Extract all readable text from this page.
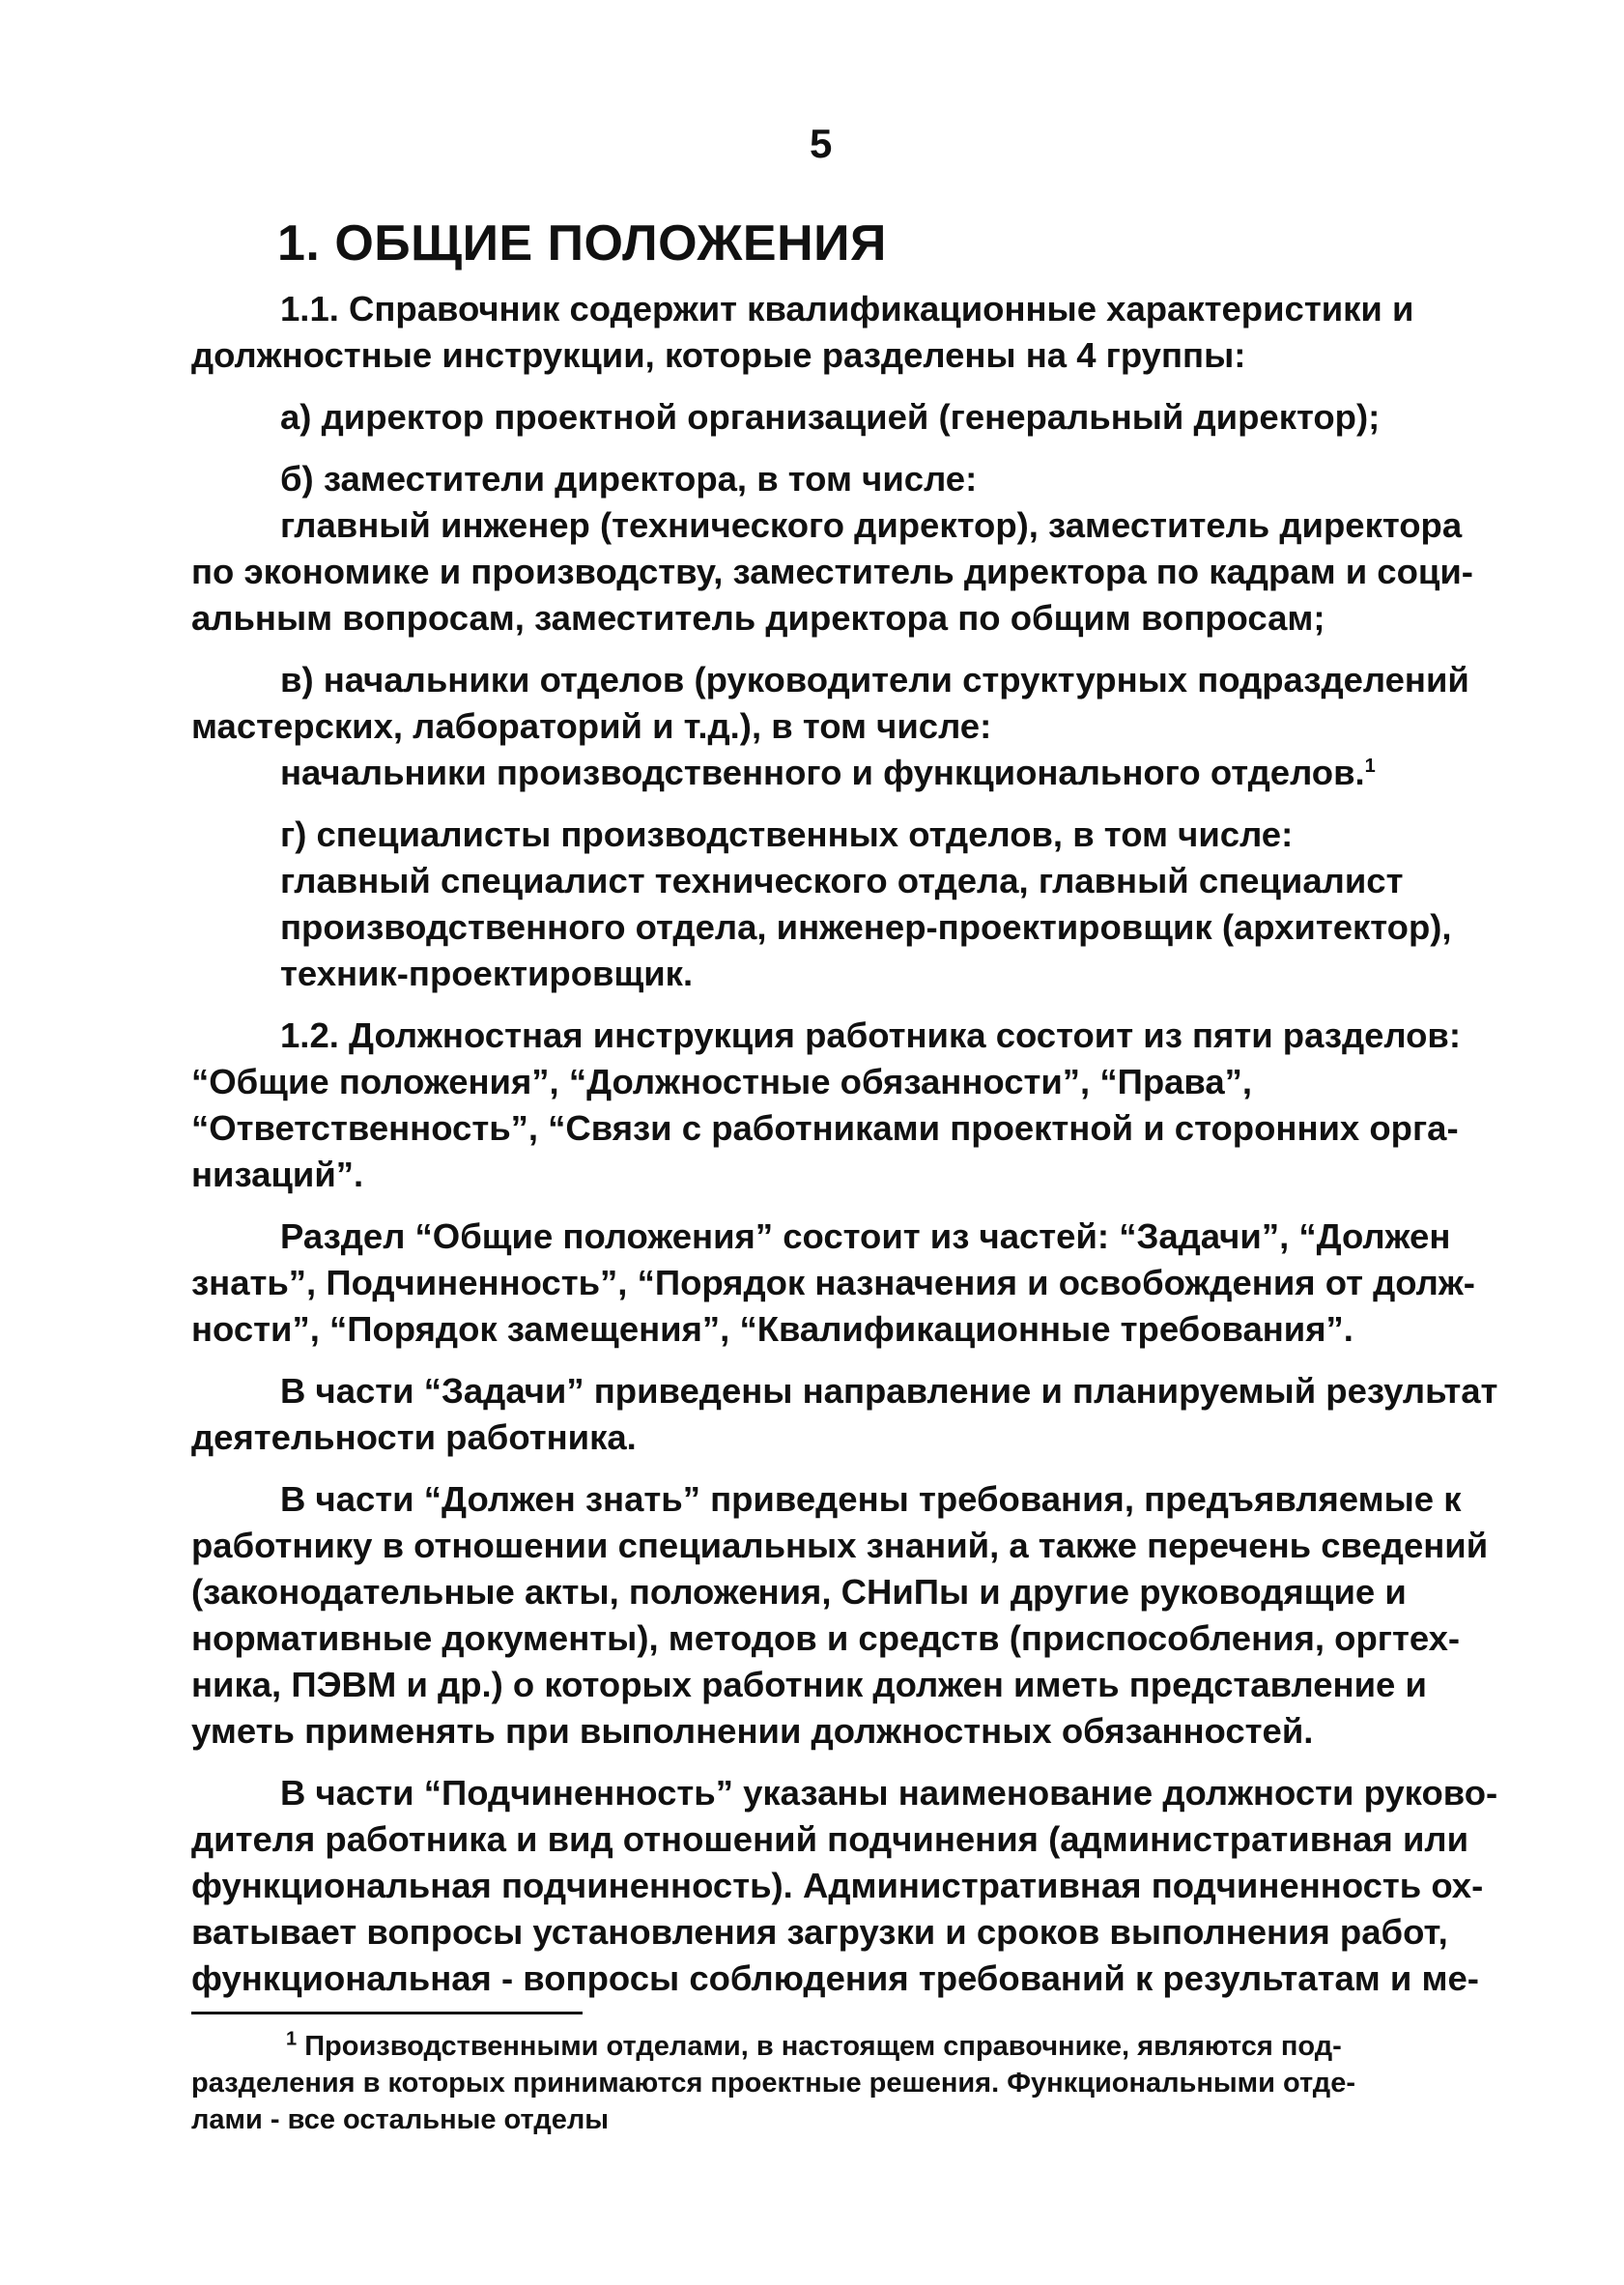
5
1. ОБЩИЕ ПОЛОЖЕНИЯ
1.1. Справочник содержит квалификационные характеристики и
должностные инструкции, которые разделены на 4 группы:
а) директор проектной организацией (генеральный директор);
б) заместители директора, в том числе:
главный инженер (технического директор), заместитель директора
по экономике и производству, заместитель директора по кадрам и соци-
альным вопросам, заместитель директора по общим вопросам;
в) начальники отделов (руководители структурных подразделений
мастерских, лабораторий и т.д.), в том числе:
начальники производственного и функционального отделов.$^1$
г) специалисты производственных отделов, в том числе:
главный специалист технического отдела, главный специалист
производственного отдела, инженер-проектировщик (архитектор),
техник-проектировщик.
1.2. Должностная инструкция работника состоит из пяти разделов:
“Общие положения”, “Должностные обязанности”, “Права”,
“Ответственность”, “Связи с работниками проектной и сторонних орга-
низаций”.
Раздел “Общие положения” состоит из частей: “Задачи”, “Должен
знать”, Подчиненность”, “Порядок назначения и освобождения от долж-
ности”, “Порядок замещения”, “Квалификационные требования”.
В части “Задачи” приведены направление и планируемый результат
деятельности работника.
В части “Должен знать” приведены требования, предъявляемые к
работнику в отношении специальных знаний, а также перечень сведений
(законодательные акты, положения, СНиПы и другие руководящие и
нормативные документы), методов и средств (приспособления, оргтех-
ника, ПЭВМ и др.) о которых работник должен иметь представление и
уметь применять при выполнении должностных обязанностей.
В части “Подчиненность” указаны наименование должности руково-
дителя работника и вид отношений подчинения (административная или
функциональная подчиненность). Административная подчиненность ох-
ватывает вопросы установления загрузки и сроков выполнения работ,
функциональная - вопросы соблюдения требований к результатам и ме-
$^1$ Производственными отделами, в настоящем справочнике, являются под-
разделения в которых принимаются проектные решения. Функциональными отде-
лами - все остальные отделы
